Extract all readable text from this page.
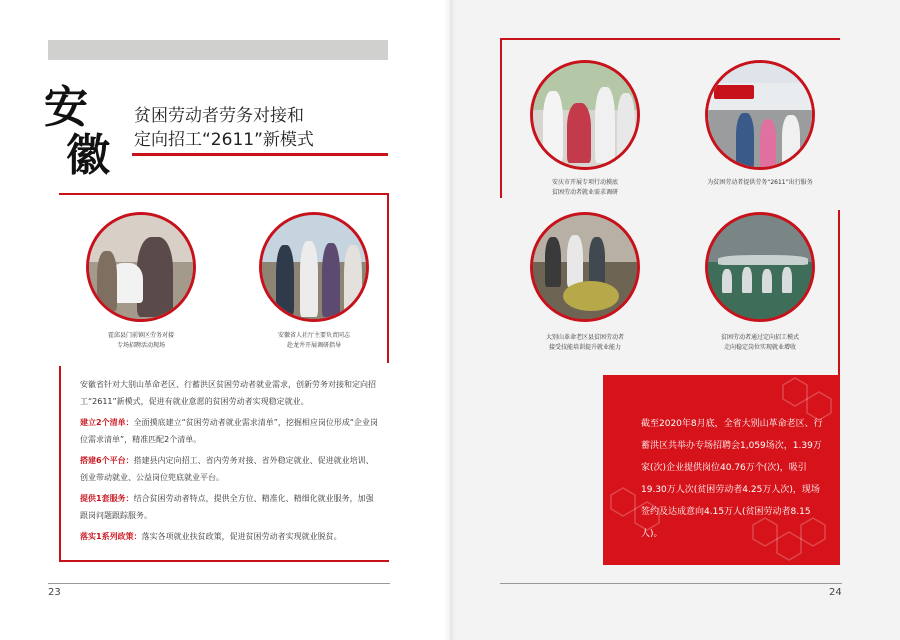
安
徽
贫困劳动者劳务对接和
定向招工“2611”新模式
霍邱县门前镇区劳务对接
专场招聘活动现场
安徽省人社厅主要负责同志
赴龙井开展调研指导

安徽省针对大别山革命老区、行蓄洪区贫困劳动者就业需求，创新劳务对接和定向招工“2611”新模式，促进有就业意愿的贫困劳动者实现稳定就业。

建立2个清单：全面摸底建立“贫困劳动者就业需求清单”，挖掘相应岗位形成“企业岗位需求清单”，精准匹配2个清单。

搭建6个平台：搭建县内定向招工、省内劳务对接、省外稳定就业、促进就业培训、创业带动就业、公益岗位兜底就业平台。

提供1套服务：结合贫困劳动者特点，提供全方位、精准化、精细化就业服务，加强跟岗问题跟踪服务。

落实1系列政策：落实各项就业扶贫政策，促进贫困劳动者实现就业脱贫。

23
安庆市开展专项行动摸底
贫困劳动者就业需求调研
为贫困劳动者提供劳务“2611”出行服务
大别山革命老区县贫困劳动者
接受技能培训提升就业能力
贫困劳动者通过定向招工模式
走向稳定岗位实现就业增收
截至2020年8月底，全省大别山革命老区、行蓄洪区共举办专场招聘会1,059场次，1.39万家(次)企业提供岗位40.76万个(次)，吸引19.30万人次(贫困劳动者4.25万人次)，现场签约及达成意向4.15万人(贫困劳动者8.15人)。
24
